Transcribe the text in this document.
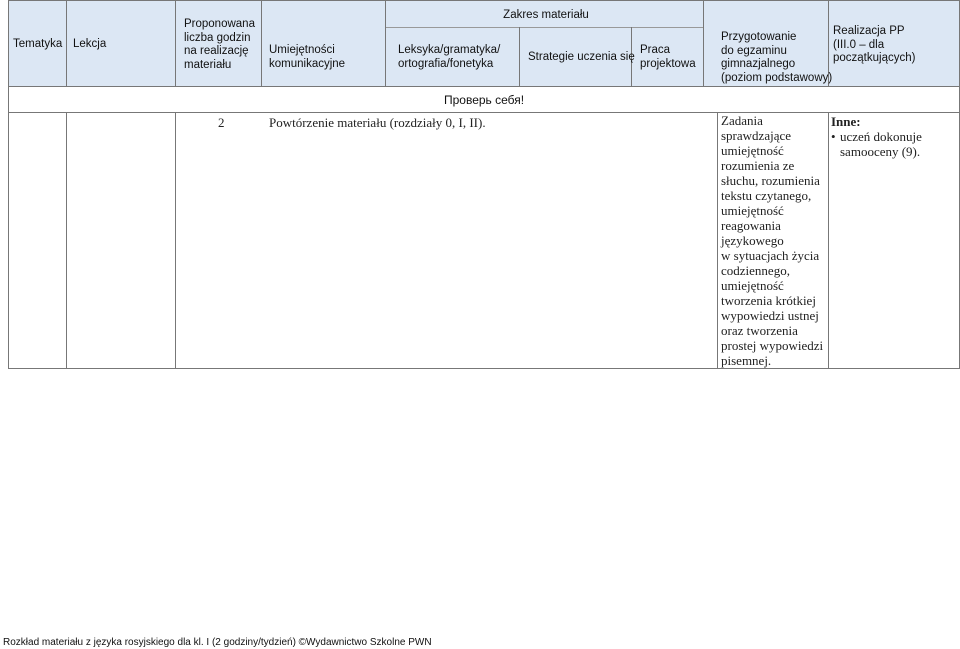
Tematyka Lekcja
Proponowana
liczba godzin
na realizację
materiału
Umiejętności
komunikacyjne
Zakres materiału
Leksyka/gramatyka/
ortografia/fonetyka
Strategie uczenia się
Praca
projektowa
Przygotowanie
do egzaminu
gimnazjalnego
(poziom podstawowy)
Realizacja PP
(III.0 – dla
początkujących)
Проверь себя!
2	Powtórzenie materiału (rozdziały 0, I, II).	Zadania
sprawdzające
umiejętność
rozumienia ze
słuchu, rozumienia
tekstu czytanego,
umiejętność
reagowania
językowego
w sytuacjach życia
codziennego,
umiejętność
tworzenia krótkiej
wypowiedzi ustnej
oraz tworzenia
prostej wypowiedzi
pisemnej.
Inne:
• uczeń dokonuje
samooceny (9).
Rozkład materiału z języka rosyjskiego dla kl. I (2 godziny/tydzień) ©Wydawnictwo Szkolne PWN
